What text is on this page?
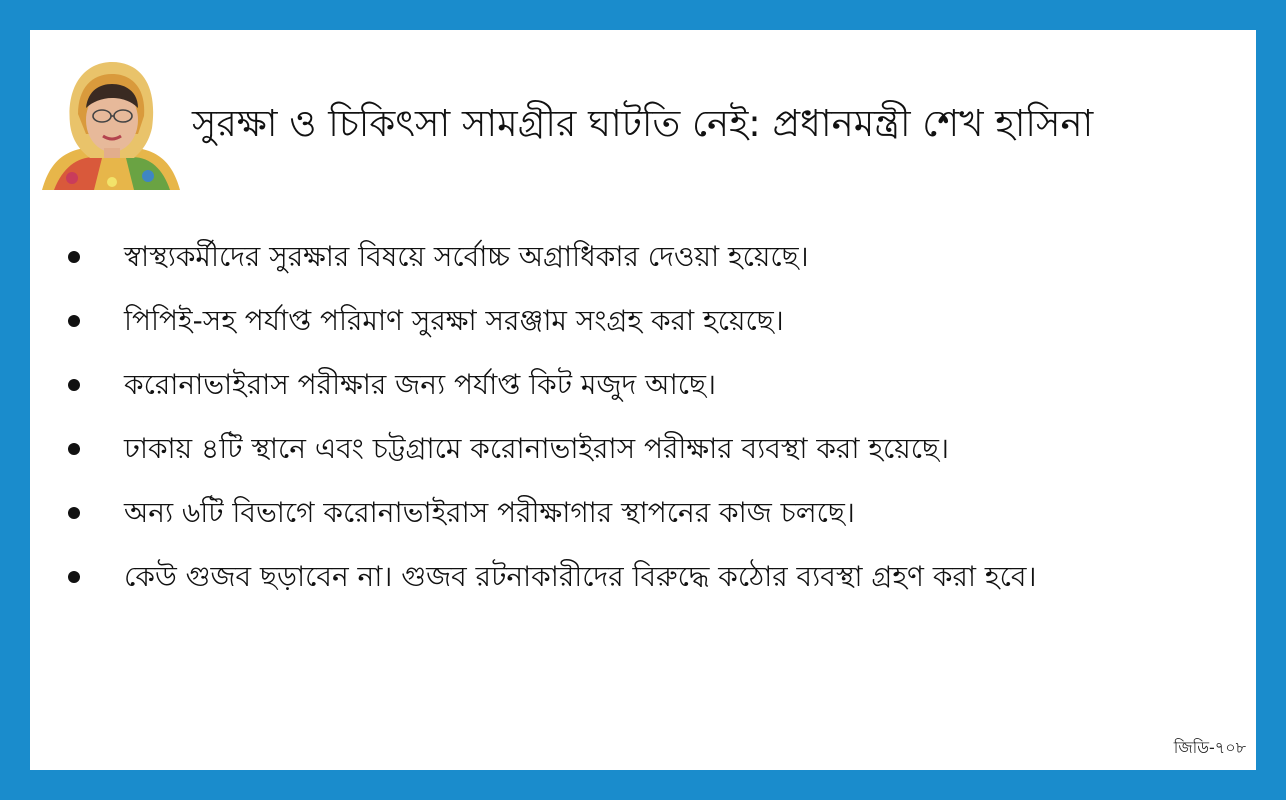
সুরক্ষা ও চিকিৎসা সামগ্রীর ঘাটতি নেই: প্রধানমন্ত্রী শেখ হাসিনা
স্বাস্থ্যকর্মীদের সুরক্ষার বিষয়ে সর্বোচ্চ অগ্রাধিকার দেওয়া হয়েছে।
পিপিই-সহ পর্যাপ্ত পরিমাণ সুরক্ষা সরঞ্জাম সংগ্রহ করা হয়েছে।
করোনাভাইরাস পরীক্ষার জন্য পর্যাপ্ত কিট মজুদ আছে।
ঢাকায় ৪টি স্থানে এবং চট্টগ্রামে করোনাভাইরাস পরীক্ষার ব্যবস্থা করা হয়েছে।
অন্য ৬টি বিভাগে করোনাভাইরাস পরীক্ষাগার স্থাপনের কাজ চলছে।
কেউ গুজব ছড়াবেন না। গুজব রটনাকারীদের বিরুদ্ধে কঠোর ব্যবস্থা গ্রহণ করা হবে।
জিডি-৭০৮
